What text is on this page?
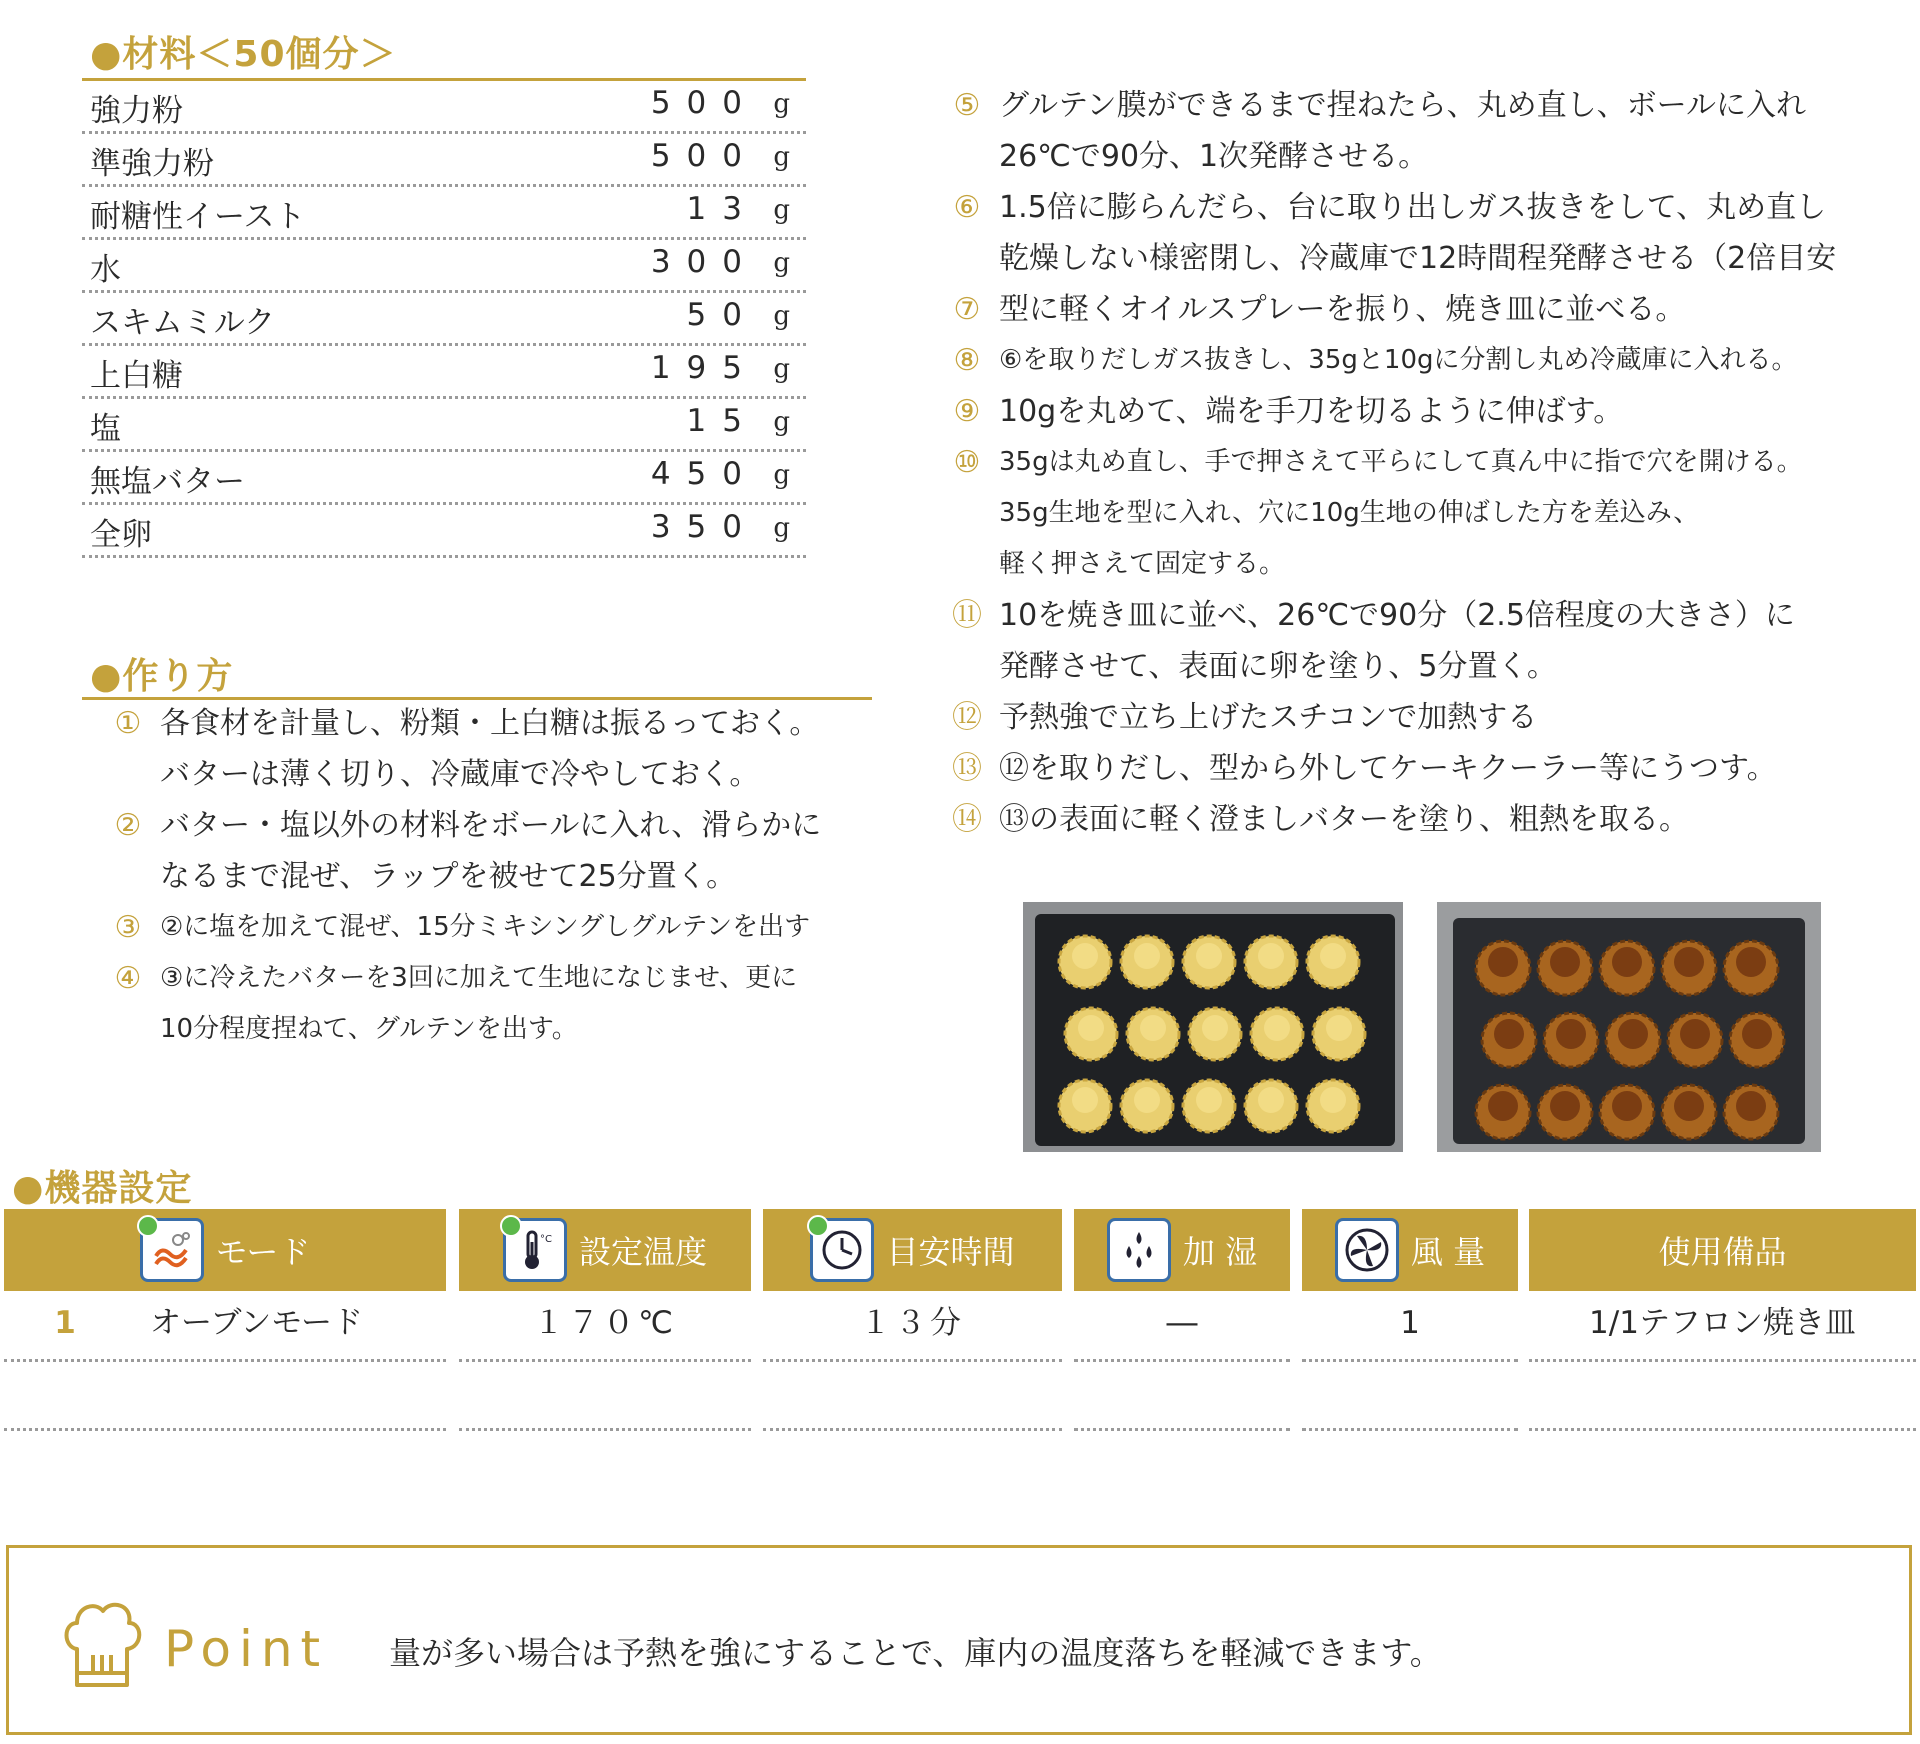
●材料＜50個分＞
強力粉	500 g
準強力粉	500 g
耐糖性イースト	13 g
水	300 g
スキムミルク	50 g
上白糖	195 g
塩	15 g
無塩バター	450 g
全卵	350 g
●作り方
① 各食材を計量し、粉類・上白糖は振るっておく。
バターは薄く切り、冷蔵庫で冷やしておく。
② バター・塩以外の材料をボールに入れ、滑らかに
なるまで混ぜ、ラップを被せて25分置く。
③ ②に塩を加えて混ぜ、15分ミキシングしグルテンを出す
④ ③に冷えたバターを3回に加えて生地になじませ、更に
10分程度捏ねて、グルテンを出す。
⑤ グルテン膜ができるまで捏ねたら、丸め直し、ボールに入れ
26℃で90分、1次発酵させる。
⑥ 1.5倍に膨らんだら、台に取り出しガス抜きをして、丸め直し
乾燥しない様密閉し、冷蔵庫で12時間程発酵させる（2倍目安
⑦ 型に軽くオイルスプレーを振り、焼き皿に並べる。
⑧ ⑥を取りだしガス抜きし、35gと10gに分割し丸め冷蔵庫に入れる。
⑨ 10gを丸めて、端を手刀を切るように伸ばす。
⑩ 35gは丸め直し、手で押さえて平らにして真ん中に指で穴を開ける。
35g生地を型に入れ、穴に10g生地の伸ばした方を差込み、
軽く押さえて固定する。
⑪ 10を焼き皿に並べ、26℃で90分（2.5倍程度の大きさ）に
発酵させて、表面に卵を塗り、5分置く。
⑫ 予熱強で立ち上げたスチコンで加熱する
⑬ ⑫を取りだし、型から外してケーキクーラー等にうつす。
⑭ ⑬の表面に軽く澄ましバターを塗り、粗熱を取る。
●機器設定
モード	°C 設定温度	目安時間	加 湿	風 量	使用備品
1	オーブンモード	１７０℃	１３分	―	1	1/1テフロン焼き皿
Point 量が多い場合は予熱を強にすることで、庫内の温度落ちを軽減できます。
